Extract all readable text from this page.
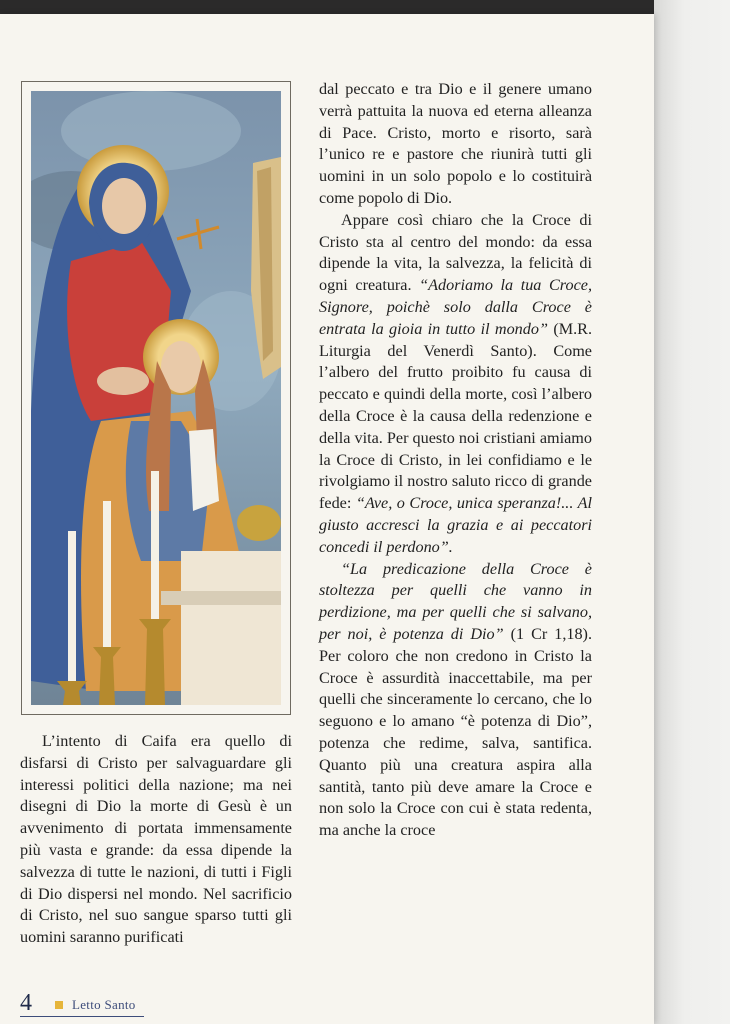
L’intento di Caifa era quello di disfarsi di Cristo per salvaguardare gli interessi politici della nazione; ma nei disegni di Dio la morte di Gesù è un avvenimento di portata immensamente più vasta e grande: da essa dipende la salvezza di tutte le nazioni, di tutti i Figli di Dio dispersi nel mondo. Nel sacrificio di Cristo, nel suo sangue sparso tutti gli uomini saranno purificati

dal peccato e tra Dio e il genere umano verrà pattuita la nuova ed eterna alleanza di Pace. Cristo, morto e risorto, sarà l’unico re e pastore che riunirà tutti gli uomini in un solo popolo e lo costituirà come popolo di Dio.

Appare così chiaro che la Croce di Cristo sta al centro del mondo: da essa dipende la vita, la salvezza, la felicità di ogni creatura. “Adoriamo la tua Croce, Signore, poichè solo dalla Croce è entrata la gioia in tutto il mondo” (M.R. Liturgia del Venerdì Santo). Come l’albero del frutto proibito fu causa di peccato e quindi della morte, così l’albero della Croce è la causa della redenzione e della vita. Per questo noi cristiani amiamo la Croce di Cristo, in lei confidiamo e le rivolgiamo il nostro saluto ricco di grande fede: “Ave, o Croce, unica speranza!... Al giusto accresci la grazia e ai peccatori concedi il perdono”.

“La predicazione della Croce è stoltezza per quelli che vanno in perdizione, ma per quelli che si salvano, per noi, è potenza di Dio” (1 Cr 1,18). Per coloro che non credono in Cristo la Croce è assurdità inaccettabile, ma per quelli che sinceramente lo cercano, che lo seguono e lo amano “è potenza di Dio”, potenza che redime, salva, santifica. Quanto più una creatura aspira alla santità, tanto più deve amare la Croce e non solo la Croce con cui è stata redenta, ma anche la croce

4	Letto Santo
